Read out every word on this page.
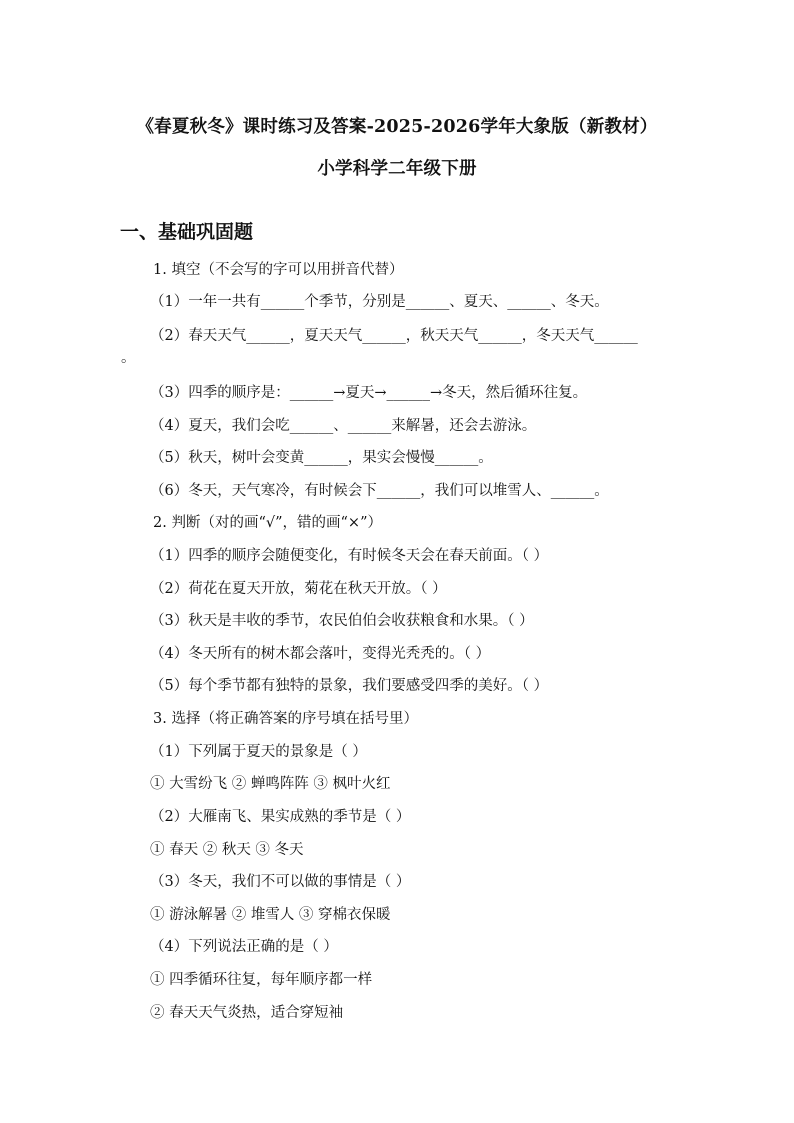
《春夏秋冬》课时练习及答案-2025-2026学年大象版（新教材）
小学科学二年级下册
一、基础巩固题
1. 填空（不会写的字可以用拼音代替）
（1）一年一共有______个季节，分别是______、夏天、______、冬天。
（2）春天天气______，夏天天气______，秋天天气______，冬天天气______
。
（3）四季的顺序是：______→夏天→______→冬天，然后循环往复。
（4）夏天，我们会吃______、______来解暑，还会去游泳。
（5）秋天，树叶会变黄______，果实会慢慢______。
（6）冬天，天气寒冷，有时候会下______，我们可以堆雪人、______。
2. 判断（对的画“√”，错的画“×”）
（1）四季的顺序会随便变化，有时候冬天会在春天前面。（ ）
（2）荷花在夏天开放，菊花在秋天开放。（ ）
（3）秋天是丰收的季节，农民伯伯会收获粮食和水果。（ ）
（4）冬天所有的树木都会落叶，变得光秃秃的。（ ）
（5）每个季节都有独特的景象，我们要感受四季的美好。（ ）
3. 选择（将正确答案的序号填在括号里）
（1）下列属于夏天的景象是（ ）
① 大雪纷飞 ② 蝉鸣阵阵 ③ 枫叶火红
（2）大雁南飞、果实成熟的季节是（ ）
① 春天 ② 秋天 ③ 冬天
（3）冬天，我们不可以做的事情是（ ）
① 游泳解暑 ② 堆雪人 ③ 穿棉衣保暖
（4）下列说法正确的是（ ）
① 四季循环往复，每年顺序都一样
② 春天天气炎热，适合穿短袖
